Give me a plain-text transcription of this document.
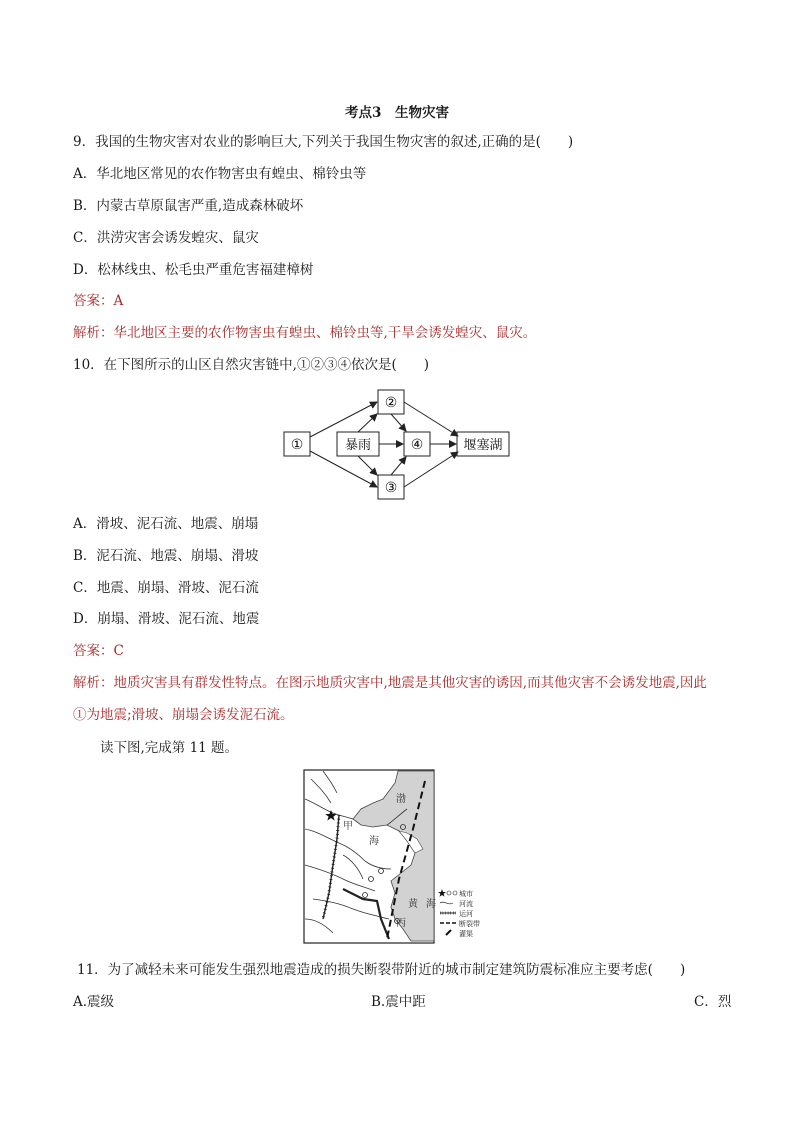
考点3　生物灾害
9．我国的生物灾害对农业的影响巨大,下列关于我国生物灾害的叙述,正确的是(　　)
A．华北地区常见的农作物害虫有蝗虫、棉铃虫等
B．内蒙古草原鼠害严重,造成森林破坏
C．洪涝灾害会诱发蝗灾、鼠灾
D．松林线虫、松毛虫严重危害福建樟树
答案：A
解析：华北地区主要的农作物害虫有蝗虫、棉铃虫等,干旱会诱发蝗灾、鼠灾。
10．在下图所示的山区自然灾害链中,①②③④依次是(　　)
①
②
暴雨	④
③
堰塞湖
A．滑坡、泥石流、地震、崩塌
B．泥石流、地震、崩塌、滑坡
C．地震、崩塌、滑坡、泥石流
D．崩塌、滑坡、泥石流、地震
答案：C
解析：地质灾害具有群发性特点。在图示地质灾害中,地震是其他灾害的诱因,而其他灾害不会诱发地震,因此
①为地震;滑坡、崩塌会诱发泥石流。
读下图,完成第 11 题。
渤
海
甲
黄 海
丙
城市
河流
运河
断裂带
灌渠
11．为了减轻未来可能发生强烈地震造成的损失断裂带附近的城市制定建筑防震标准应主要考虑(　　)
A.震级	B.震中距	C．烈
